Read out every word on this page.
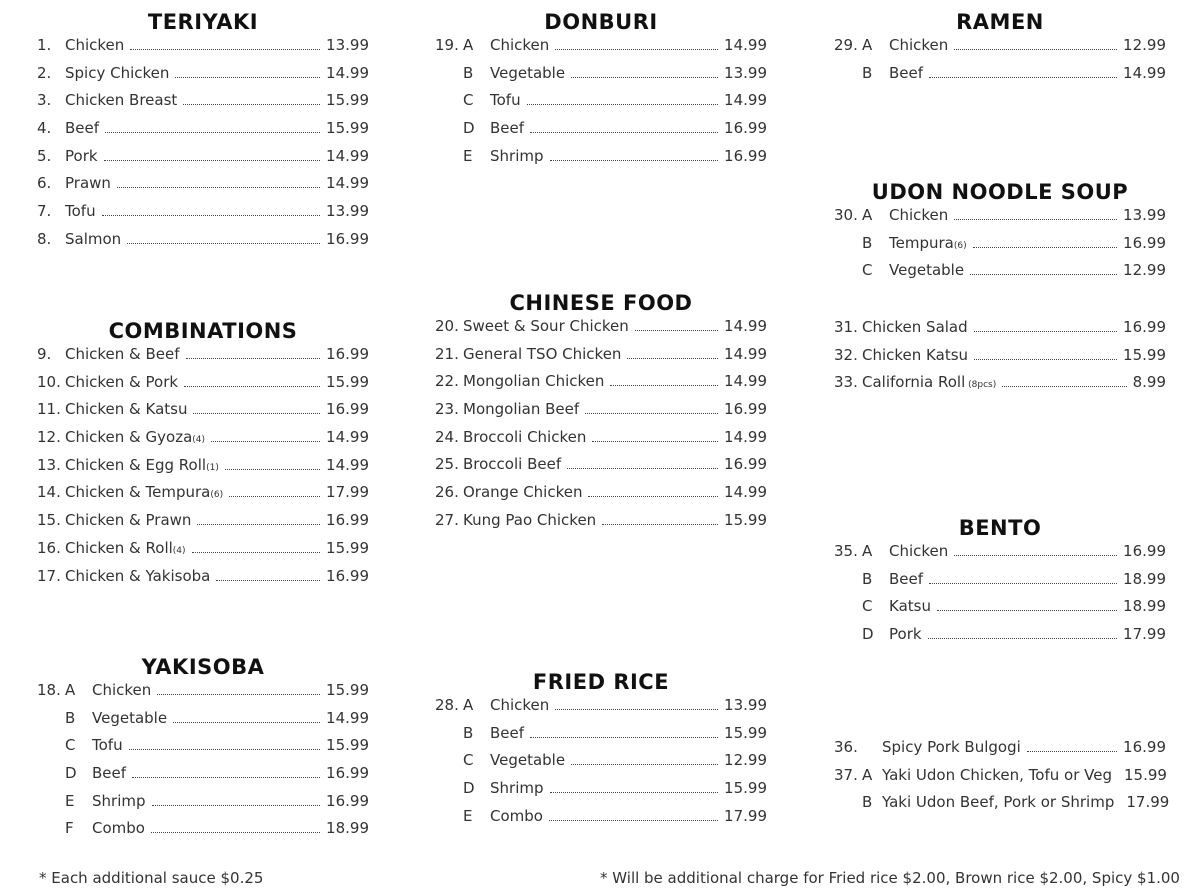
TERIYAKI
1. Chicken	13.99
2. Spicy Chicken	14.99
3. Chicken Breast	15.99
4. Beef	15.99
5. Pork	14.99
6. Prawn	14.99
7. Tofu	13.99
8. Salmon	16.99
COMBINATIONS
9. Chicken & Beef	16.99
10. Chicken & Pork	15.99
11. Chicken & Katsu	16.99
12. Chicken & Gyoza(4)	14.99
13. Chicken & Egg Roll(1)	14.99
14. Chicken & Tempura(6)	17.99
15. Chicken & Prawn	16.99
16. Chicken & Roll(4)	15.99
17. Chicken & Yakisoba	16.99
YAKISOBA
18. A	Chicken	15.99
B	Vegetable	14.99
C	Tofu	15.99
D	Beef	16.99
E	Shrimp	16.99
F	Combo	18.99
DONBURI
19. A	Chicken	14.99
B	Vegetable	13.99
C	Tofu	14.99
D	Beef	16.99
E	Shrimp	16.99
CHINESE FOOD
20. Sweet & Sour Chicken	14.99
21. General TSO Chicken	14.99
22. Mongolian Chicken	14.99
23. Mongolian Beef	16.99
24. Broccoli Chicken	14.99
25. Broccoli Beef	16.99
26. Orange Chicken	14.99
27. Kung Pao Chicken	15.99
FRIED RICE
28. A	Chicken	13.99
B	Beef	15.99
C	Vegetable	12.99
D	Shrimp	15.99
E	Combo	17.99
RAMEN
29. A	Chicken	12.99
B	Beef	14.99
UDON NOODLE SOUP
30. A	Chicken	13.99
B	Tempura(6)	16.99
C	Vegetable	12.99
31. Chicken Salad	16.99
32. Chicken Katsu	15.99
33. California Roll (8pcs)	8.99
BENTO
35. A	Chicken	16.99
B	Beef	18.99
C	Katsu	18.99
D	Pork	17.99
36. Spicy Pork Bulgogi	16.99
37. A Yaki Udon Chicken, Tofu or Veg 15.99
B Yaki Udon Beef, Pork or Shrimp 17.99
* Each additional sauce $0.25	* Will be additional charge for Fried rice $2.00, Brown rice $2.00, Spicy $1.00
